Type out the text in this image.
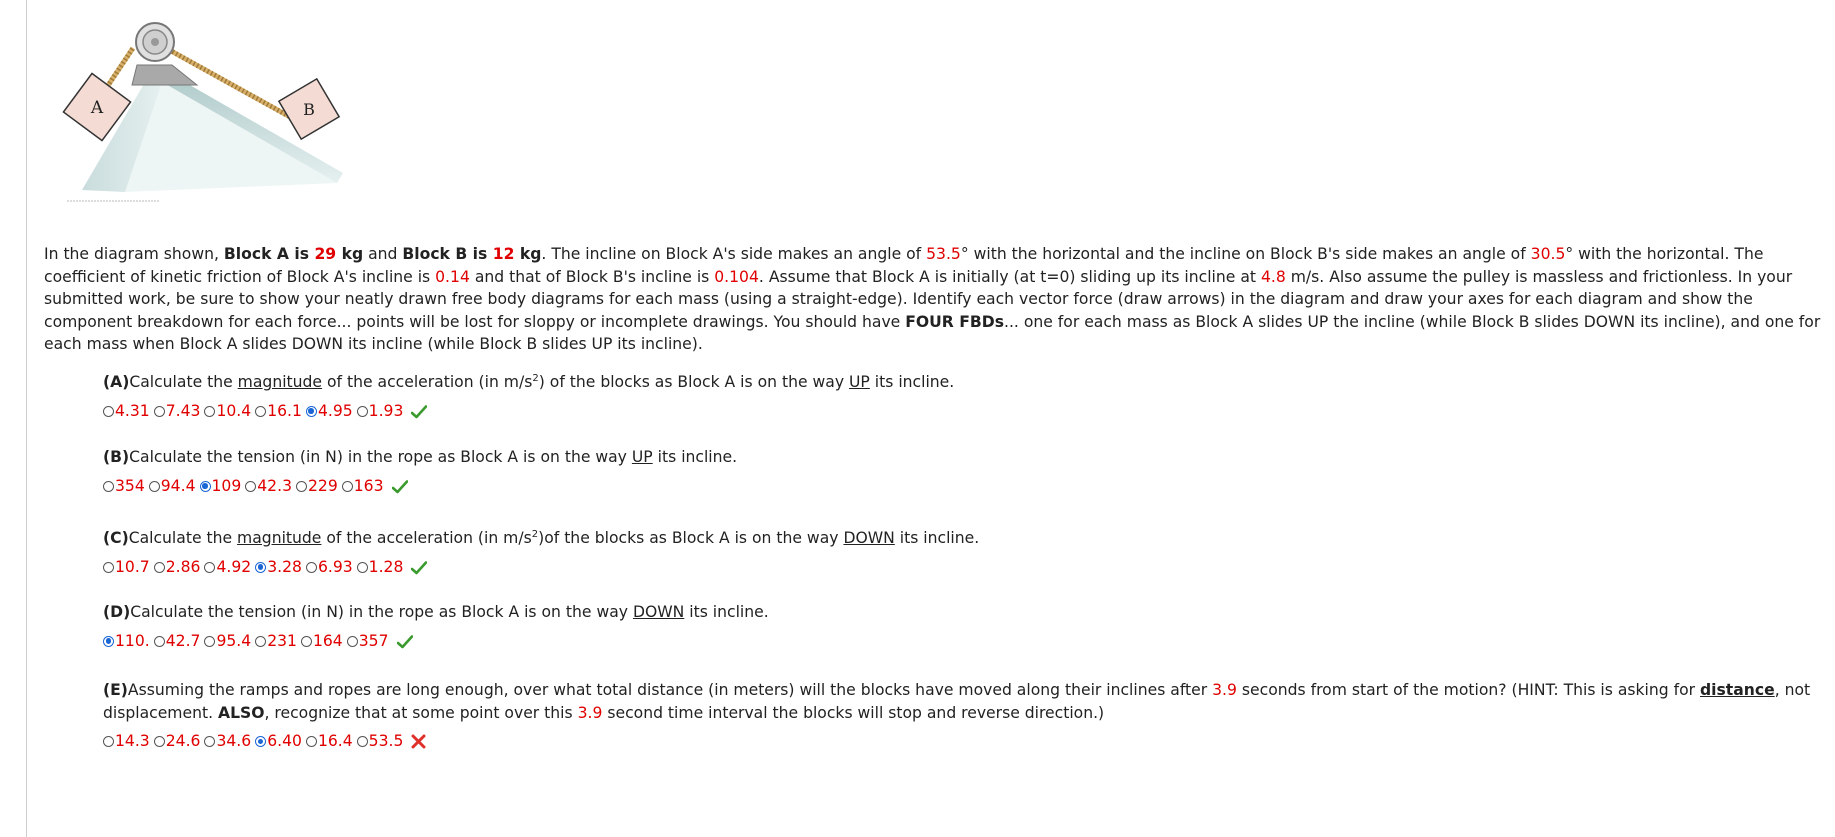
A	B
In the diagram shown, Block A is 29 kg and Block B is 12 kg. The incline on Block A's side makes an angle of 53.5° with the horizontal and the incline on Block B's side makes an angle of 30.5° with the horizontal. The coefficient of kinetic friction of Block A's incline is 0.14 and that of Block B's incline is 0.104. Assume that Block A is initially (at t=0) sliding up its incline at 4.8 m/s. Also assume the pulley is massless and frictionless. In your submitted work, be sure to show your neatly drawn free body diagrams for each mass (using a straight-edge). Identify each vector force (draw arrows) in the diagram and draw your axes for each diagram and show the component breakdown for each force... points will be lost for sloppy or incomplete drawings. You should have FOUR FBDs... one for each mass as Block A slides UP the incline (while Block B slides DOWN its incline), and one for each mass when Block A slides DOWN its incline (while Block B slides UP its incline).

(A)Calculate the magnitude of the acceleration (in $m/s^2$) of the blocks as Block A is on the way UP its incline.

4.31 7.43 10.4 16.1 4.95 1.93

(B)Calculate the tension (in N) in the rope as Block A is on the way UP its incline.

354 94.4 109 42.3 229 163

(C)Calculate the magnitude of the acceleration (in $m/s^2)of$ the blocks as Block A is on the way DOWN its incline.

10.7 2.86 4.92 3.28 6.93 1.28

(D)Calculate the tension (in N) in the rope as Block A is on the way DOWN its incline.

110. 42.7 95.4 231 164 357

(E)Assuming the ramps and ropes are long enough, over what total distance (in meters) will the blocks have moved along their inclines after 3.9 seconds from start of the motion? (HINT: This is asking for distance, not displacement. ALSO, recognize that at some point over this 3.9 second time interval the blocks will stop and reverse direction.)

14.3 24.6 34.6 6.40 16.4 53.5
